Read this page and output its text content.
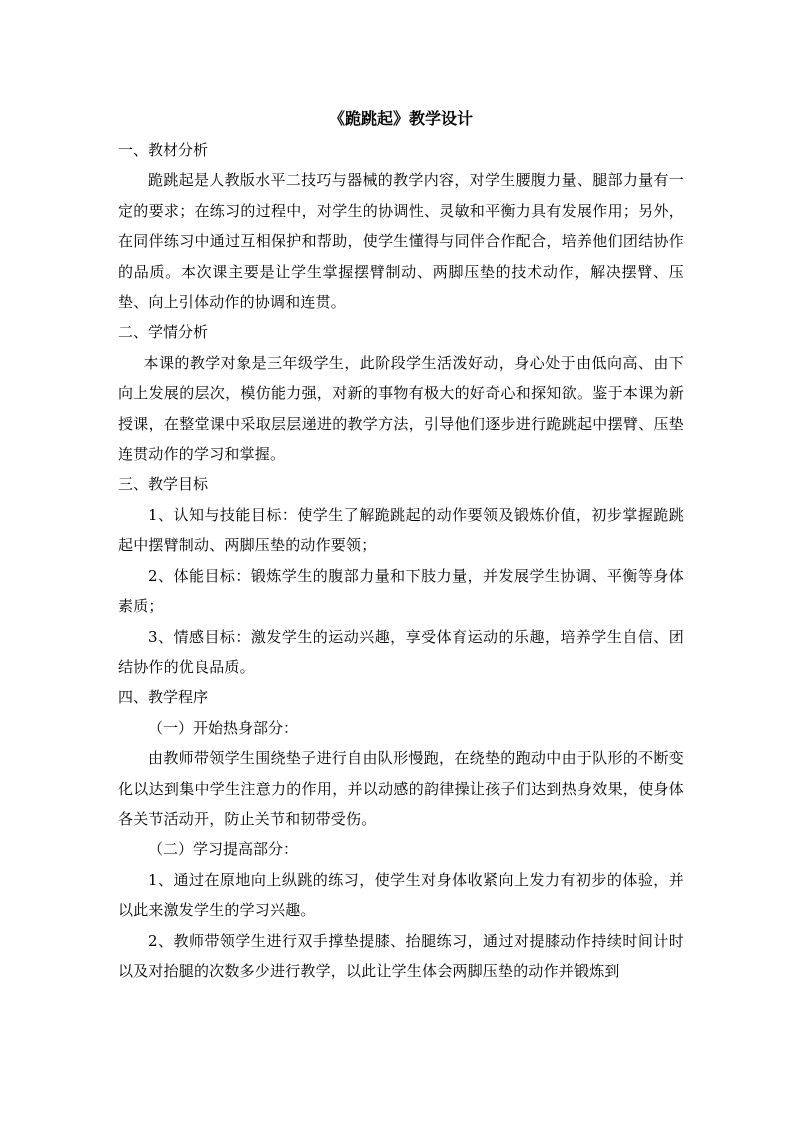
《跪跳起》教学设计

一、教材分析

跪跳起是人教版水平二技巧与器械的教学内容，对学生腰腹力量、腿部力量有一定的要求；在练习的过程中，对学生的协调性、灵敏和平衡力具有发展作用；另外，在同伴练习中通过互相保护和帮助，使学生懂得与同伴合作配合，培养他们团结协作的品质。本次课主要是让学生掌握摆臂制动、两脚压垫的技术动作，解决摆臂、压垫、向上引体动作的协调和连贯。

二、学情分析

本课的教学对象是三年级学生，此阶段学生活泼好动，身心处于由低向高、由下向上发展的层次，模仿能力强，对新的事物有极大的好奇心和探知欲。鉴于本课为新授课，在整堂课中采取层层递进的教学方法，引导他们逐步进行跪跳起中摆臂、压垫连贯动作的学习和掌握。

三、教学目标

1、认知与技能目标：使学生了解跪跳起的动作要领及锻炼价值，初步掌握跪跳起中摆臂制动、两脚压垫的动作要领；

2、体能目标：锻炼学生的腹部力量和下肢力量，并发展学生协调、平衡等身体素质；

3、情感目标：激发学生的运动兴趣，享受体育运动的乐趣，培养学生自信、团结协作的优良品质。

四、教学程序

（一）开始热身部分：

由教师带领学生围绕垫子进行自由队形慢跑，在绕垫的跑动中由于队形的不断变化以达到集中学生注意力的作用，并以动感的韵律操让孩子们达到热身效果，使身体各关节活动开，防止关节和韧带受伤。

（二）学习提高部分：

1、通过在原地向上纵跳的练习，使学生对身体收紧向上发力有初步的体验，并以此来激发学生的学习兴趣。

2、教师带领学生进行双手撑垫提膝、抬腿练习，通过对提膝动作持续时间计时以及对抬腿的次数多少进行教学，以此让学生体会两脚压垫的动作并锻炼到
